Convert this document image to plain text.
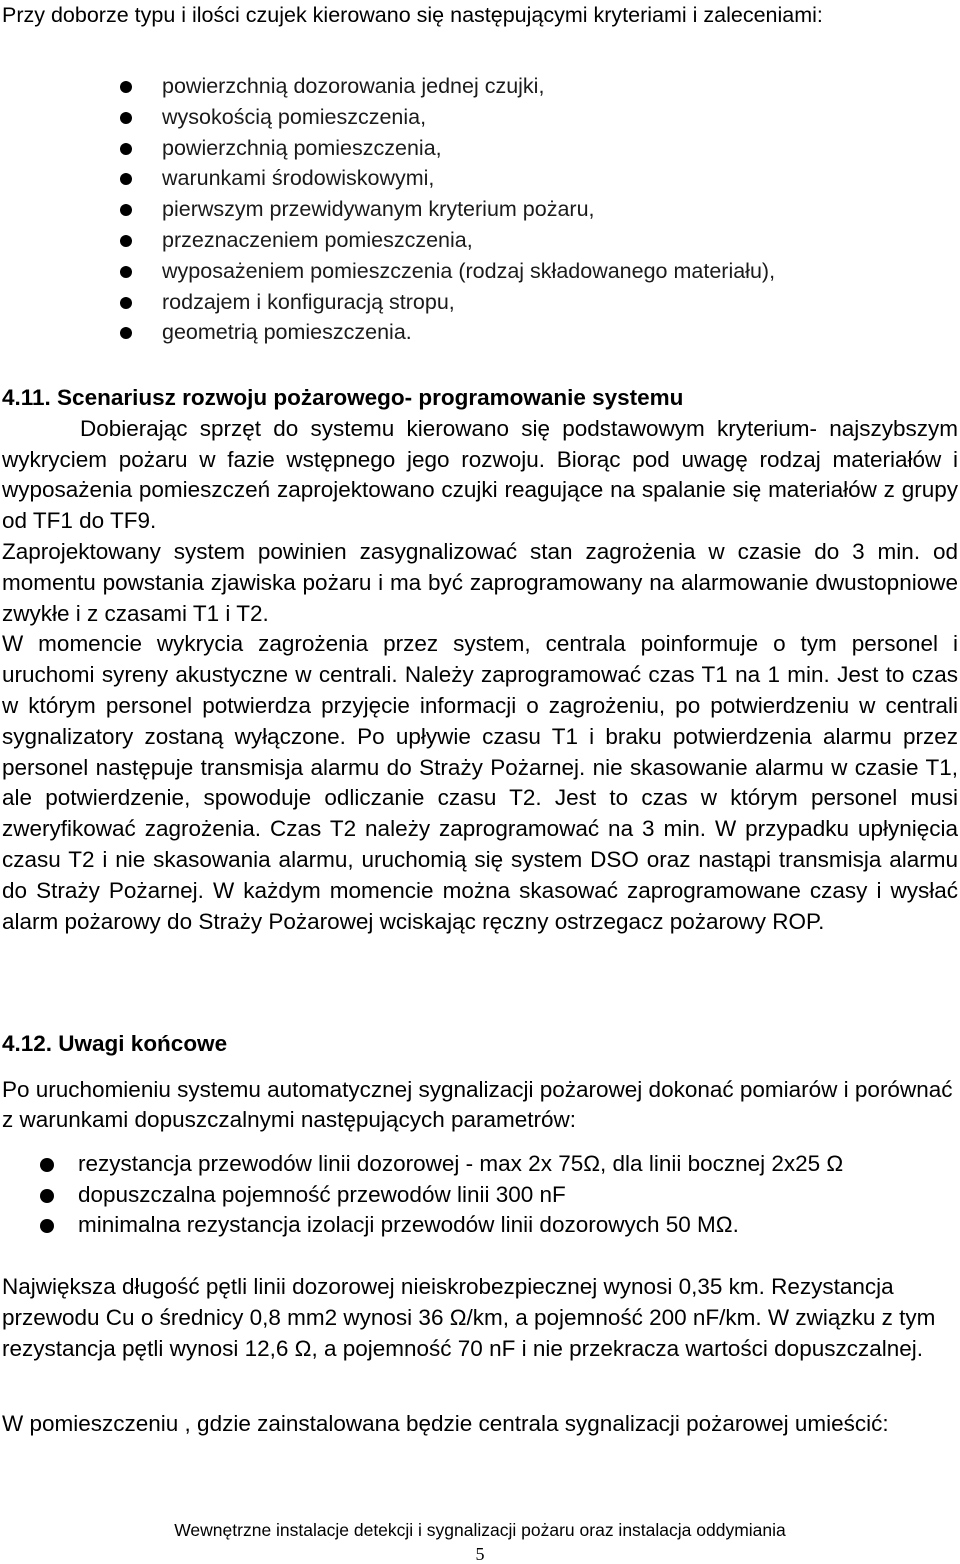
Przy doborze typu i ilości czujek kierowano się następującymi kryteriami i zaleceniami:

powierzchnią dozorowania jednej czujki,
wysokością pomieszczenia,
powierzchnią pomieszczenia,
warunkami środowiskowymi,
pierwszym przewidywanym kryterium pożaru,
przeznaczeniem pomieszczenia,
wyposażeniem pomieszczenia (rodzaj składowanego materiału),
rodzajem i konfiguracją stropu,
geometrią pomieszczenia.
4.11. Scenariusz rozwoju pożarowego- programowanie systemu

Dobierając sprzęt do systemu kierowano się podstawowym kryterium- najszybszym wykryciem pożaru w fazie wstępnego jego rozwoju. Biorąc pod uwagę rodzaj materiałów i wyposażenia pomieszczeń zaprojektowano czujki reagujące na spalanie się materiałów z grupy od TF1 do TF9.

Zaprojektowany system powinien zasygnalizować stan zagrożenia w czasie do 3 min. od momentu powstania zjawiska pożaru i ma być zaprogramowany na alarmowanie dwustopniowe zwykłe i z czasami T1 i T2.

W momencie wykrycia zagrożenia przez system, centrala poinformuje o tym personel i uruchomi syreny akustyczne w centrali. Należy zaprogramować czas T1 na 1 min. Jest to czas w którym personel potwierdza przyjęcie informacji o zagrożeniu, po potwierdzeniu w centrali sygnalizatory zostaną wyłączone. Po upływie czasu T1 i braku potwierdzenia alarmu przez personel następuje transmisja alarmu do Straży Pożarnej. nie skasowanie alarmu w czasie T1, ale potwierdzenie, spowoduje odliczanie czasu T2. Jest to czas w którym personel musi zweryfikować zagrożenia. Czas T2 należy zaprogramować na 3 min. W przypadku upłynięcia czasu T2 i nie skasowania alarmu, uruchomią się system DSO oraz nastąpi transmisja alarmu do Straży Pożarnej. W każdym momencie można skasować zaprogramowane czasy i wysłać alarm pożarowy do Straży Pożarowej wciskając ręczny ostrzegacz pożarowy ROP.

4.12. Uwagi końcowe

Po uruchomieniu systemu automatycznej sygnalizacji pożarowej dokonać pomiarów i porównać z warunkami dopuszczalnymi następujących parametrów:

rezystancja przewodów linii dozorowej - max 2x 75Ω, dla linii bocznej 2x25 Ω
dopuszczalna pojemność przewodów linii 300 nF
minimalna rezystancja izolacji przewodów linii dozorowych 50 MΩ.

Największa długość pętli linii dozorowej nieiskrobezpiecznej wynosi 0,35 km. Rezystancja przewodu Cu o średnicy 0,8 mm2 wynosi 36 Ω/km, a pojemność 200 nF/km. W związku z tym rezystancja pętli wynosi 12,6 Ω, a pojemność 70 nF i nie przekracza wartości dopuszczalnej.

W pomieszczeniu , gdzie zainstalowana będzie centrala sygnalizacji pożarowej umieścić:

Wewnętrzne instalacje detekcji i sygnalizacji pożaru oraz instalacja oddymiania
5
